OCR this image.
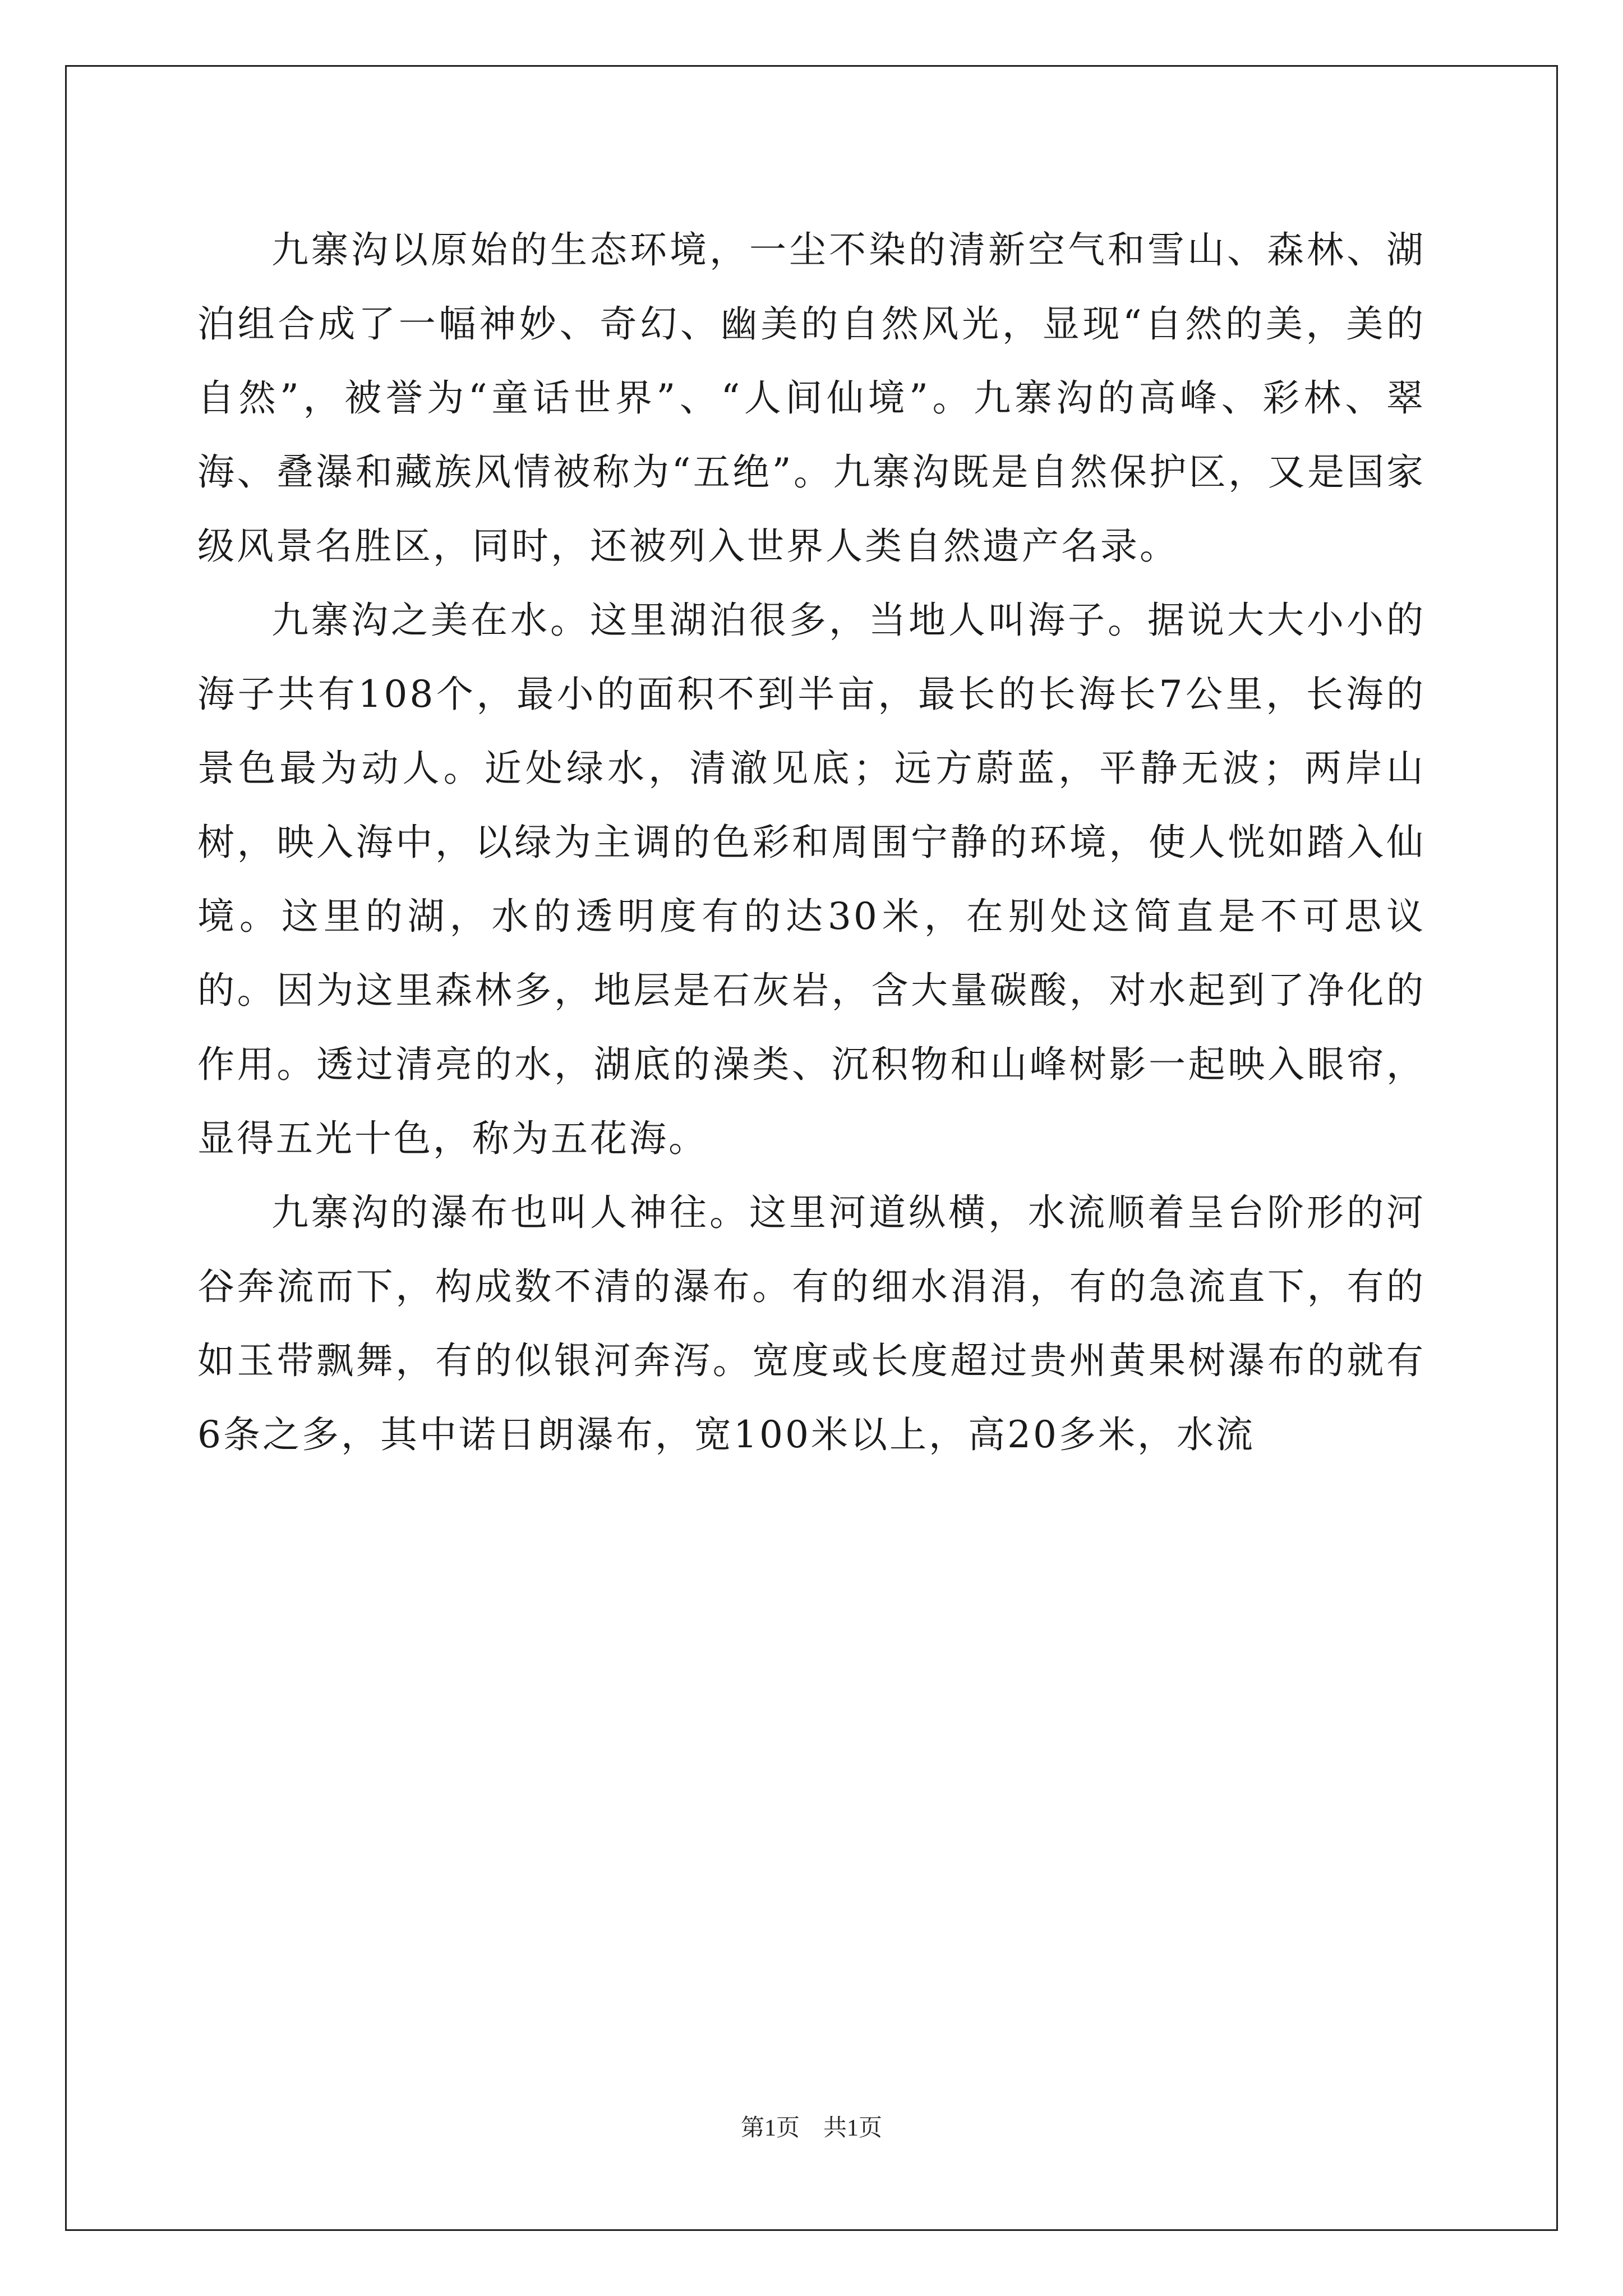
九寨沟以原始的生态环境，一尘不染的清新空气和雪山、森林、湖泊组合成了一幅神妙、奇幻、幽美的自然风光，显现“自然的美，美的自然”，被誉为“童话世界”、“人间仙境”。九寨沟的高峰、彩林、翠海、叠瀑和藏族风情被称为“五绝”。九寨沟既是自然保护区，又是国家级风景名胜区，同时，还被列入世界人类自然遗产名录。

九寨沟之美在水。这里湖泊很多，当地人叫海子。据说大大小小的海子共有108个，最小的面积不到半亩，最长的长海长7公里，长海的景色最为动人。近处绿水，清澈见底；远方蔚蓝，平静无波；两岸山树，映入海中，以绿为主调的色彩和周围宁静的环境，使人恍如踏入仙境。这里的湖，水的透明度有的达30米，在别处这简直是不可思议的。因为这里森林多，地层是石灰岩，含大量碳酸，对水起到了净化的作用。透过清亮的水，湖底的澡类、沉积物和山峰树影一起映入眼帘，显得五光十色，称为五花海。

九寨沟的瀑布也叫人神往。这里河道纵横，水流顺着呈台阶形的河谷奔流而下，构成数不清的瀑布。有的细水涓涓，有的急流直下，有的如玉带飘舞，有的似银河奔泻。宽度或长度超过贵州黄果树瀑布的就有6条之多，其中诺日朗瀑布，宽100米以上，高20多米，水流

第1页　共1页
